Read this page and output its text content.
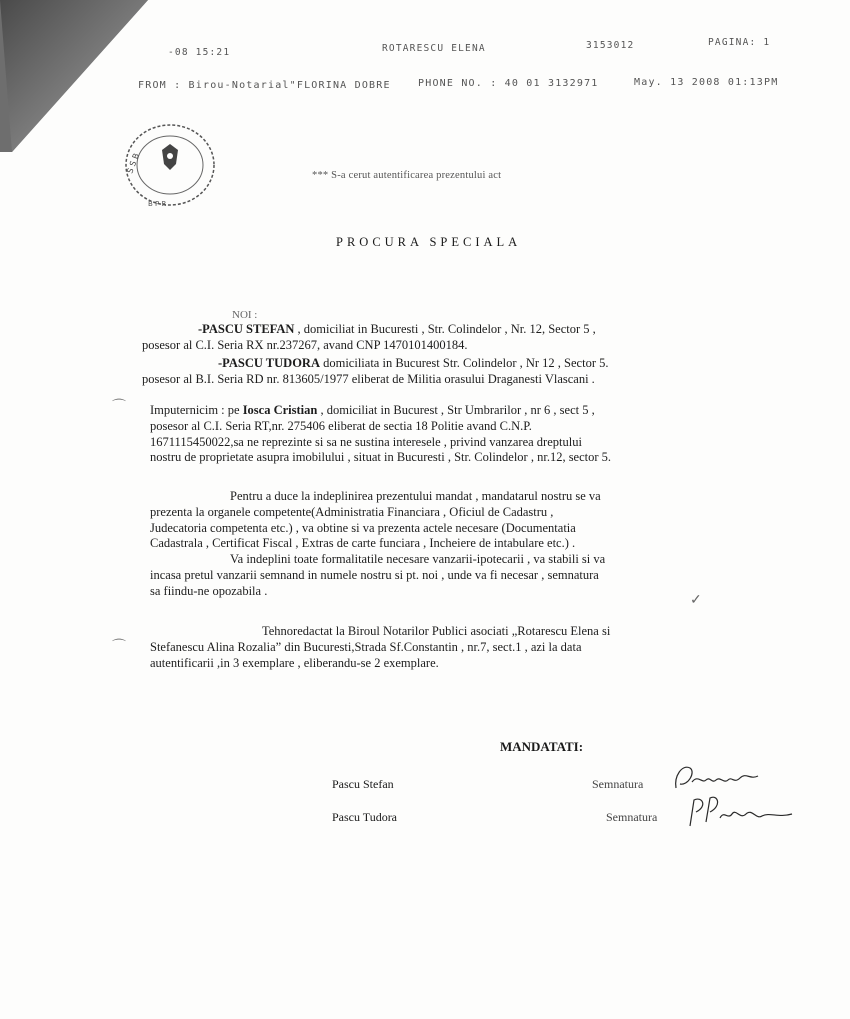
-08 15:21	ROTARESCU ELENA	3153012	PAGINA: 1
FROM : Birou-Notarial"FLORINA DOBRE	PHONE NO. : 40 01 3132971	May. 13 2008 01:13PM
S S B
B P R
*** S-a cerut autentificarea prezentului act
PROCURA SPECIALA
NOI :
-PASCU STEFAN , domiciliat in Bucuresti , Str. Colindelor , Nr. 12, Sector 5 ,
posesor al C.I. Seria RX nr.237267, avand CNP 1470101400184.
-PASCU TUDORA domiciliata in Bucurest Str. Colindelor , Nr 12 , Sector 5.
posesor al B.I. Seria RD nr. 813605/1977 eliberat de Militia orasului Draganesti Vlascani .
⌒ Imputernicim : pe Iosca Cristian , domiciliat in Bucurest , Str Umbrarilor , nr 6 , sect 5 ,
posesor al C.I. Seria RT,nr. 275406 eliberat de sectia 18 Politie avand C.N.P.
1671115450022,sa ne reprezinte si sa ne sustina interesele , privind vanzarea dreptului
nostru de proprietate asupra imobilului , situat in Bucuresti , Str. Colindelor , nr.12, sector 5.
Pentru a duce la indeplinirea prezentului mandat , mandatarul nostru se va
prezenta la organele competente(Administratia Financiara , Oficiul de Cadastru ,
Judecatoria competenta etc.) , va obtine si va prezenta actele necesare (Documentatia
Cadastrala , Certificat Fiscal , Extras de carte funciara , Incheiere de intabulare etc.) .
Va indeplini toate formalitatile necesare vanzarii-ipotecarii , va stabili si va
incasa pretul vanzarii semnand in numele nostru si pt. noi , unde va fi necesar , semnatura
sa fiindu-ne opozabila .
✓
⌒
Tehnoredactat la Biroul Notarilor Publici asociati „Rotarescu Elena si
Stefanescu Alina Rozalia” din Bucuresti,Strada Sf.Constantin , nr.7, sect.1 , azi la data
autentificarii ,in 3 exemplare , eliberandu-se 2 exemplare.
MANDATATI:
Pascu Stefan	Semnatura
Pascu Tudora	Semnatura
